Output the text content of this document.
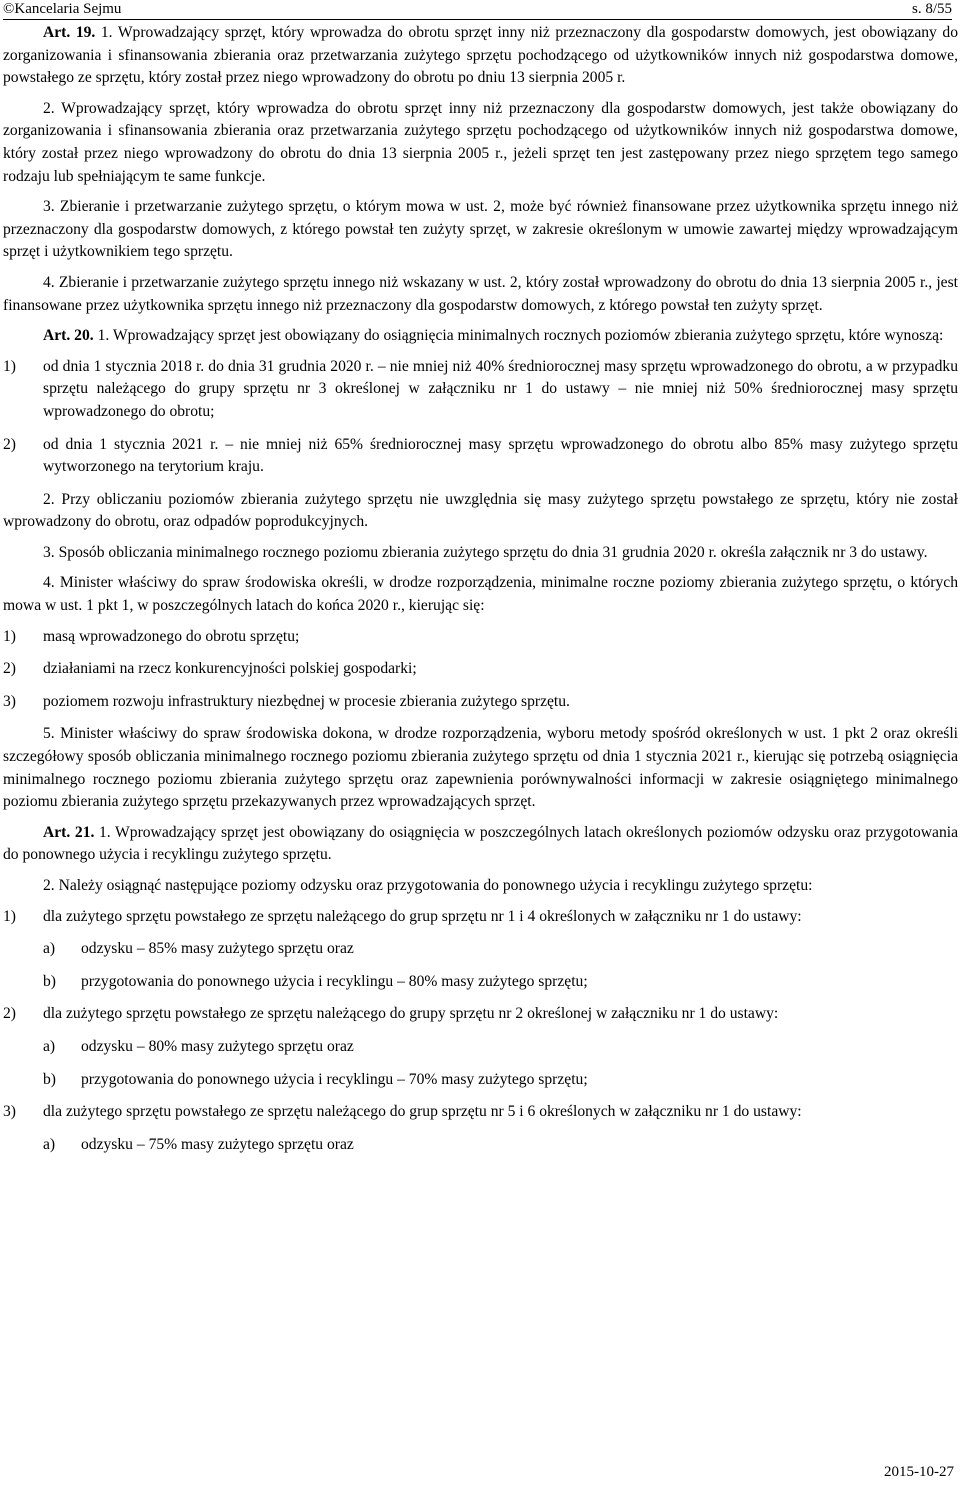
©Kancelaria Sejmu	s. 8/55
Art. 19. 1. Wprowadzający sprzęt, który wprowadza do obrotu sprzęt inny niż przeznaczony dla gospodarstw domowych, jest obowiązany do zorganizowania i sfinansowania zbierania oraz przetwarzania zużytego sprzętu pochodzącego od użytkowników innych niż gospodarstwa domowe, powstałego ze sprzętu, który został przez niego wprowadzony do obrotu po dniu 13 sierpnia 2005 r.
2. Wprowadzający sprzęt, który wprowadza do obrotu sprzęt inny niż przeznaczony dla gospodarstw domowych, jest także obowiązany do zorganizowania i sfinansowania zbierania oraz przetwarzania zużytego sprzętu pochodzącego od użytkowników innych niż gospodarstwa domowe, który został przez niego wprowadzony do obrotu do dnia 13 sierpnia 2005 r., jeżeli sprzęt ten jest zastępowany przez niego sprzętem tego samego rodzaju lub spełniającym te same funkcje.
3. Zbieranie i przetwarzanie zużytego sprzętu, o którym mowa w ust. 2, może być również finansowane przez użytkownika sprzętu innego niż przeznaczony dla gospodarstw domowych, z którego powstał ten zużyty sprzęt, w zakresie określonym w umowie zawartej między wprowadzającym sprzęt i użytkownikiem tego sprzętu.
4. Zbieranie i przetwarzanie zużytego sprzętu innego niż wskazany w ust. 2, który został wprowadzony do obrotu do dnia 13 sierpnia 2005 r., jest finansowane przez użytkownika sprzętu innego niż przeznaczony dla gospodarstw domowych, z którego powstał ten zużyty sprzęt.
Art. 20. 1. Wprowadzający sprzęt jest obowiązany do osiągnięcia minimalnych rocznych poziomów zbierania zużytego sprzętu, które wynoszą:
1) od dnia 1 stycznia 2018 r. do dnia 31 grudnia 2020 r. – nie mniej niż 40% średniorocznej masy sprzętu wprowadzonego do obrotu, a w przypadku sprzętu należącego do grupy sprzętu nr 3 określonej w załączniku nr 1 do ustawy – nie mniej niż 50% średniorocznej masy sprzętu wprowadzonego do obrotu;
2) od dnia 1 stycznia 2021 r. – nie mniej niż 65% średniorocznej masy sprzętu wprowadzonego do obrotu albo 85% masy zużytego sprzętu wytworzonego na terytorium kraju.
2. Przy obliczaniu poziomów zbierania zużytego sprzętu nie uwzględnia się masy zużytego sprzętu powstałego ze sprzętu, który nie został wprowadzony do obrotu, oraz odpadów poprodukcyjnych.
3. Sposób obliczania minimalnego rocznego poziomu zbierania zużytego sprzętu do dnia 31 grudnia 2020 r. określa załącznik nr 3 do ustawy.
4. Minister właściwy do spraw środowiska określi, w drodze rozporządzenia, minimalne roczne poziomy zbierania zużytego sprzętu, o których mowa w ust. 1 pkt 1, w poszczególnych latach do końca 2020 r., kierując się:
1) masą wprowadzonego do obrotu sprzętu;
2) działaniami na rzecz konkurencyjności polskiej gospodarki;
3) poziomem rozwoju infrastruktury niezbędnej w procesie zbierania zużytego sprzętu.
5. Minister właściwy do spraw środowiska dokona, w drodze rozporządzenia, wyboru metody spośród określonych w ust. 1 pkt 2 oraz określi szczegółowy sposób obliczania minimalnego rocznego poziomu zbierania zużytego sprzętu od dnia 1 stycznia 2021 r., kierując się potrzebą osiągnięcia minimalnego rocznego poziomu zbierania zużytego sprzętu oraz zapewnienia porównywalności informacji w zakresie osiągniętego minimalnego poziomu zbierania zużytego sprzętu przekazywanych przez wprowadzających sprzęt.
Art. 21. 1. Wprowadzający sprzęt jest obowiązany do osiągnięcia w poszczególnych latach określonych poziomów odzysku oraz przygotowania do ponownego użycia i recyklingu zużytego sprzętu.
2. Należy osiągnąć następujące poziomy odzysku oraz przygotowania do ponownego użycia i recyklingu zużytego sprzętu:
1) dla zużytego sprzętu powstałego ze sprzętu należącego do grup sprzętu nr 1 i 4 określonych w załączniku nr 1 do ustawy:
a) odzysku – 85% masy zużytego sprzętu oraz
b) przygotowania do ponownego użycia i recyklingu – 80% masy zużytego sprzętu;
2) dla zużytego sprzętu powstałego ze sprzętu należącego do grupy sprzętu nr 2 określonej w załączniku nr 1 do ustawy:
a) odzysku – 80% masy zużytego sprzętu oraz
b) przygotowania do ponownego użycia i recyklingu – 70% masy zużytego sprzętu;
3) dla zużytego sprzętu powstałego ze sprzętu należącego do grup sprzętu nr 5 i 6 określonych w załączniku nr 1 do ustawy:
a) odzysku – 75% masy zużytego sprzętu oraz
2015-10-27
